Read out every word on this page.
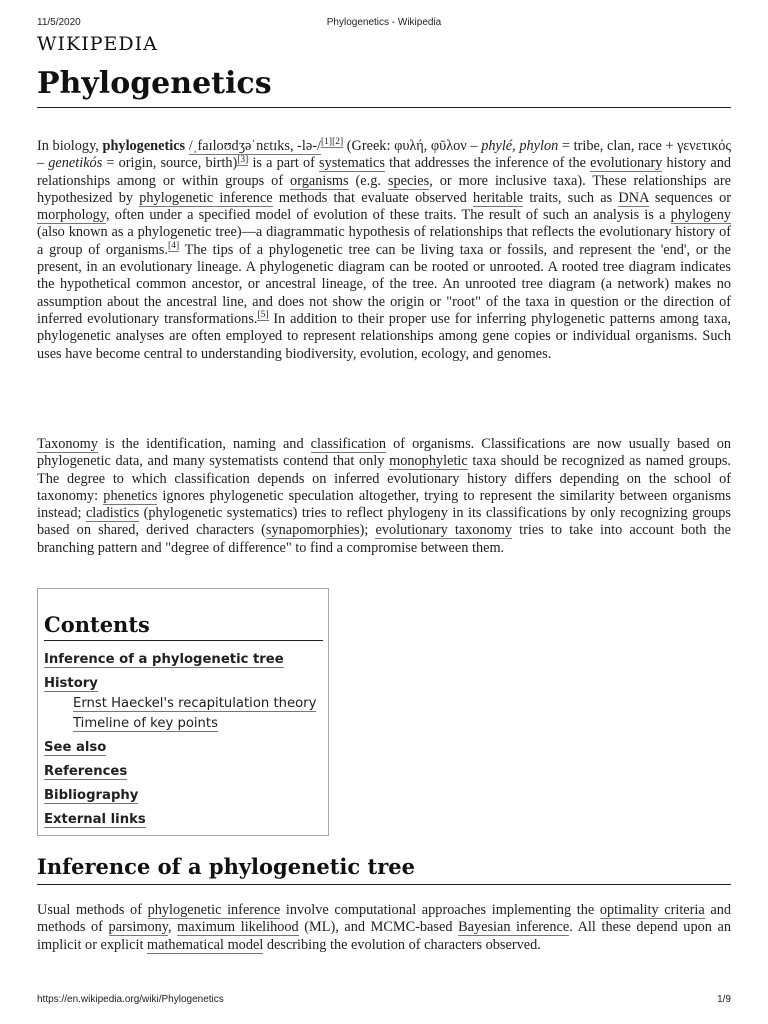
11/5/2020	Phylogenetics - Wikipedia
WIKIPEDIA
Phylogenetics

In biology, phylogenetics /ˌfaɪloʊdʒəˈnɛtɪks, -lə-/[1][2] (Greek: φυλή, φῦλον – phylé, phylon = tribe, clan, race + γενετικός – genetikós = origin, source, birth)[3] is a part of systematics that addresses the inference of the evolutionary history and relationships among or within groups of organisms (e.g. species, or more inclusive taxa). These relationships are hypothesized by phylogenetic inference methods that evaluate observed heritable traits, such as DNA sequences or morphology, often under a specified model of evolution of these traits. The result of such an analysis is a phylogeny (also known as a phylogenetic tree)—a diagrammatic hypothesis of relationships that reflects the evolutionary history of a group of organisms.[4] The tips of a phylogenetic tree can be living taxa or fossils, and represent the 'end', or the present, in an evolutionary lineage. A phylogenetic diagram can be rooted or unrooted. A rooted tree diagram indicates the hypothetical common ancestor, or ancestral lineage, of the tree. An unrooted tree diagram (a network) makes no assumption about the ancestral line, and does not show the origin or "root" of the taxa in question or the direction of inferred evolutionary transformations.[5] In addition to their proper use for inferring phylogenetic patterns among taxa, phylogenetic analyses are often employed to represent relationships among gene copies or individual organisms. Such uses have become central to understanding biodiversity, evolution, ecology, and genomes.

Taxonomy is the identification, naming and classification of organisms. Classifications are now usually based on phylogenetic data, and many systematists contend that only monophyletic taxa should be recognized as named groups. The degree to which classification depends on inferred evolutionary history differs depending on the school of taxonomy: phenetics ignores phylogenetic speculation altogether, trying to represent the similarity between organisms instead; cladistics (phylogenetic systematics) tries to reflect phylogeny in its classifications by only recognizing groups based on shared, derived characters (synapomorphies); evolutionary taxonomy tries to take into account both the branching pattern and "degree of difference" to find a compromise between them.

Contents
Inference of a phylogenetic tree
History
Ernst Haeckel's recapitulation theory
Timeline of key points
See also
References
Bibliography
External links
Inference of a phylogenetic tree

Usual methods of phylogenetic inference involve computational approaches implementing the optimality criteria and methods of parsimony, maximum likelihood (ML), and MCMC-based Bayesian inference. All these depend upon an implicit or explicit mathematical model describing the evolution of characters observed.

https://en.wikipedia.org/wiki/Phylogenetics	1/9
